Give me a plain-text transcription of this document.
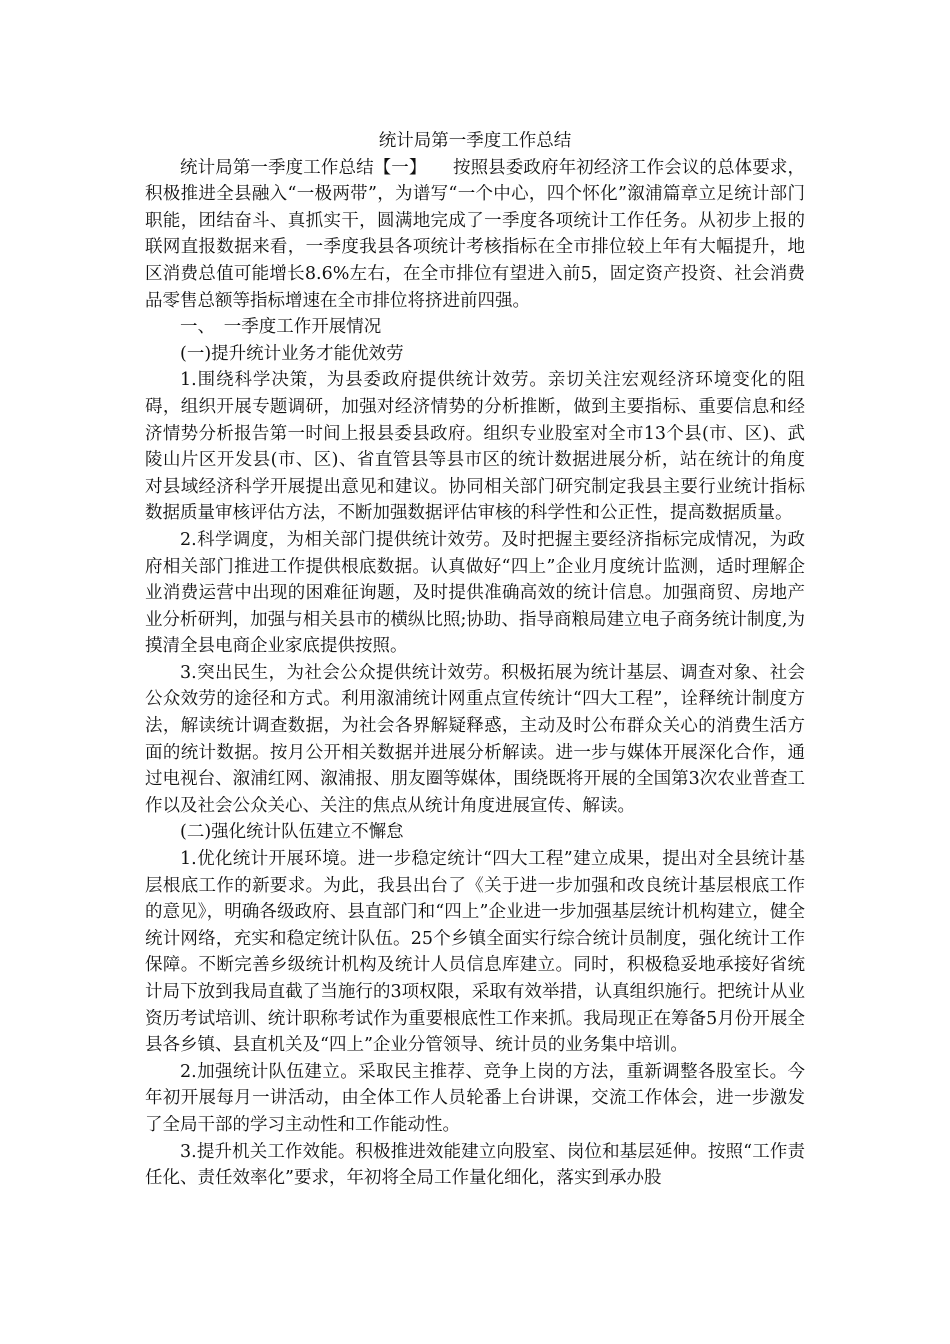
统计局第一季度工作总结

统计局第一季度工作总结【一】　　按照县委政府年初经济工作会议的总体要求，积极推进全县融入“一极两带”，为谱写“一个中心，四个怀化”溆浦篇章立足统计部门职能，团结奋斗、真抓实干，圆满地完成了一季度各项统计工作任务。从初步上报的联网直报数据来看，一季度我县各项统计考核指标在全市排位较上年有大幅提升，地区消费总值可能增长8.6%左右，在全市排位有望进入前5，固定资产投资、社会消费品零售总额等指标增速在全市排位将挤进前四强。

一、　一季度工作开展情况

(一)提升统计业务才能优效劳

1.围绕科学决策，为县委政府提供统计效劳。亲切关注宏观经济环境变化的阻碍，组织开展专题调研，加强对经济情势的分析推断，做到主要指标、重要信息和经济情势分析报告第一时间上报县委县政府。组织专业股室对全市13个县(市、区)、武陵山片区开发县(市、区)、省直管县等县市区的统计数据进展分析，站在统计的角度对县域经济科学开展提出意见和建议。协同相关部门研究制定我县主要行业统计指标数据质量审核评估方法，不断加强数据评估审核的科学性和公正性，提高数据质量。

2.科学调度，为相关部门提供统计效劳。及时把握主要经济指标完成情况，为政府相关部门推进工作提供根底数据。认真做好“四上”企业月度统计监测，适时理解企业消费运营中出现的困难征询题，及时提供准确高效的统计信息。加强商贸、房地产业分析研判，加强与相关县市的横纵比照;协助、指导商粮局建立电子商务统计制度,为摸清全县电商企业家底提供按照。

3.突出民生，为社会公众提供统计效劳。积极拓展为统计基层、调查对象、社会公众效劳的途径和方式。利用溆浦统计网重点宣传统计“四大工程”，诠释统计制度方法，解读统计调查数据，为社会各界解疑释惑，主动及时公布群众关心的消费生活方面的统计数据。按月公开相关数据并进展分析解读。进一步与媒体开展深化合作，通过电视台、溆浦红网、溆浦报、朋友圈等媒体，围绕既将开展的全国第3次农业普查工作以及社会公众关心、关注的焦点从统计角度进展宣传、解读。

(二)强化统计队伍建立不懈怠

1.优化统计开展环境。进一步稳定统计“四大工程”建立成果，提出对全县统计基层根底工作的新要求。为此，我县出台了《关于进一步加强和改良统计基层根底工作的意见》，明确各级政府、县直部门和“四上”企业进一步加强基层统计机构建立，健全统计网络，充实和稳定统计队伍。25个乡镇全面实行综合统计员制度，强化统计工作保障。不断完善乡级统计机构及统计人员信息库建立。同时，积极稳妥地承接好省统计局下放到我局直截了当施行的3项权限，采取有效举措，认真组织施行。把统计从业资历考试培训、统计职称考试作为重要根底性工作来抓。我局现正在筹备5月份开展全县各乡镇、县直机关及“四上”企业分管领导、统计员的业务集中培训。

2.加强统计队伍建立。采取民主推荐、竞争上岗的方法，重新调整各股室长。今年初开展每月一讲活动，由全体工作人员轮番上台讲课，交流工作体会，进一步激发了全局干部的学习主动性和工作能动性。

3.提升机关工作效能。积极推进效能建立向股室、岗位和基层延伸。按照“工作责任化、责任效率化”要求，年初将全局工作量化细化，落实到承办股
